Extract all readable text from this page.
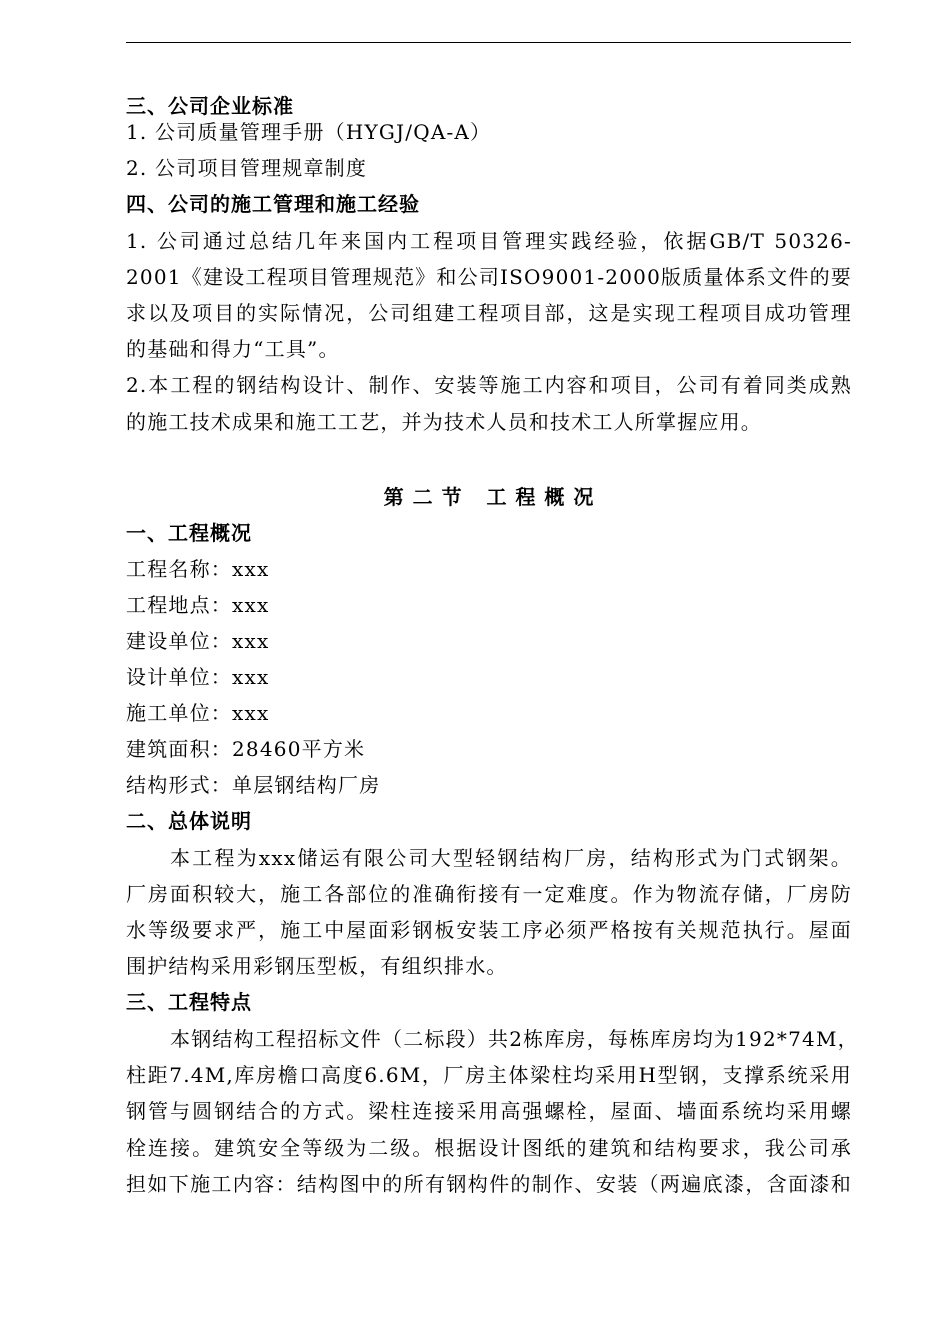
三、公司企业标准
1. 公司质量管理手册（HYGJ/QA-A）
2. 公司项目管理规章制度
四、公司的施工管理和施工经验
1. 公司通过总结几年来国内工程项目管理实践经验，依据GB/T 50326-
2001《建设工程项目管理规范》和公司ISO9001-2000版质量体系文件的要
求以及项目的实际情况，公司组建工程项目部，这是实现工程项目成功管理
的基础和得力“工具”。
2.本工程的钢结构设计、制作、安装等施工内容和项目，公司有着同类成熟
的施工技术成果和施工工艺，并为技术人员和技术工人所掌握应用。
第 二 节   工 程 概 况
一、工程概况
工程名称：xxx
工程地点：xxx
建设单位：xxx
设计单位：xxx
施工单位：xxx
建筑面积：28460平方米
结构形式：单层钢结构厂房
二、总体说明
本工程为xxx储运有限公司大型轻钢结构厂房，结构形式为门式钢架。
厂房面积较大，施工各部位的准确衔接有一定难度。作为物流存储，厂房防
水等级要求严，施工中屋面彩钢板安装工序必须严格按有关规范执行。屋面
围护结构采用彩钢压型板，有组织排水。
三、工程特点
本钢结构工程招标文件（二标段）共2栋库房，每栋库房均为192*74M，
柱距7.4M,库房檐口高度6.6M，厂房主体梁柱均采用H型钢，支撑系统采用
钢管与圆钢结合的方式。梁柱连接采用高强螺栓，屋面、墙面系统均采用螺
栓连接。建筑安全等级为二级。根据设计图纸的建筑和结构要求，我公司承
担如下施工内容：结构图中的所有钢构件的制作、安装（两遍底漆，含面漆和
